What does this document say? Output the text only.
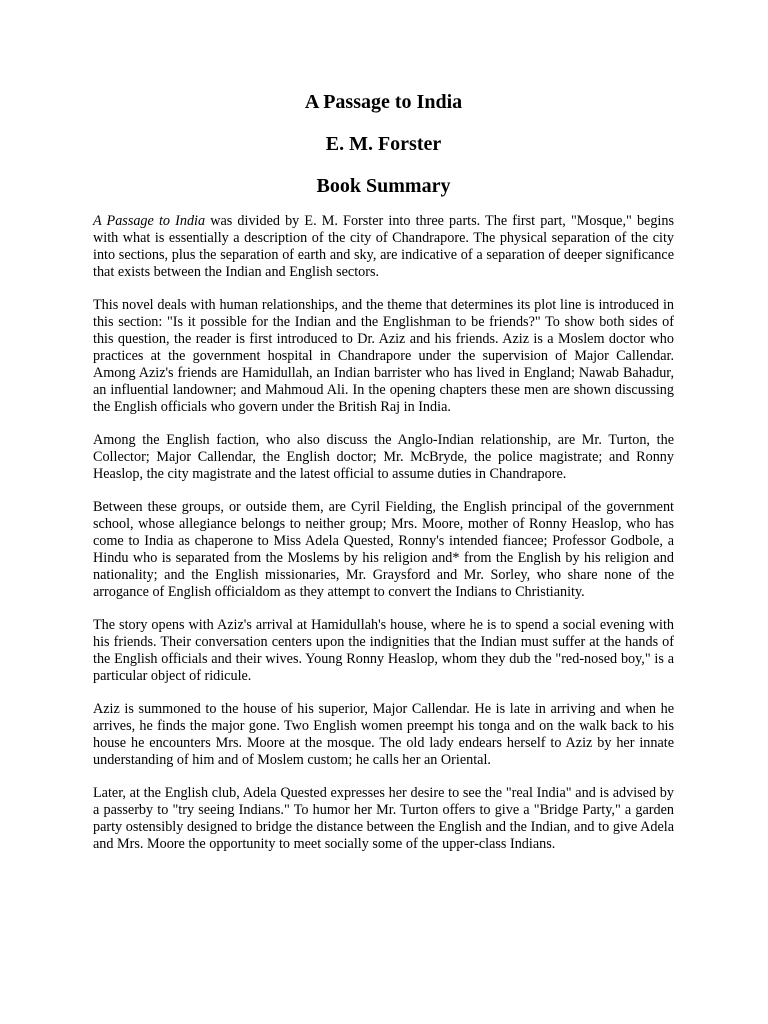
A Passage to India
E. M. Forster
Book Summary

A Passage to India was divided by E. M. Forster into three parts. The first part, "Mosque," begins with what is essentially a description of the city of Chandrapore. The physical separation of the city into sections, plus the separation of earth and sky, are indicative of a separation of deeper significance that exists between the Indian and English sectors.

This novel deals with human relationships, and the theme that determines its plot line is introduced in this section: "Is it possible for the Indian and the Englishman to be friends?" To show both sides of this question, the reader is first introduced to Dr. Aziz and his friends. Aziz is a Moslem doctor who practices at the government hospital in Chandrapore under the supervision of Major Callendar. Among Aziz's friends are Hamidullah, an Indian barrister who has lived in England; Nawab Bahadur, an influential landowner; and Mahmoud Ali. In the opening chapters these men are shown discussing the English officials who govern under the British Raj in India.

Among the English faction, who also discuss the Anglo-Indian relationship, are Mr. Turton, the Collector; Major Callendar, the English doctor; Mr. McBryde, the police magistrate; and Ronny Heaslop, the city magistrate and the latest official to assume duties in Chandrapore.

Between these groups, or outside them, are Cyril Fielding, the English principal of the government school, whose allegiance belongs to neither group; Mrs. Moore, mother of Ronny Heaslop, who has come to India as chaperone to Miss Adela Quested, Ronny's intended fiancee; Professor Godbole, a Hindu who is separated from the Moslems by his religion and* from the English by his religion and nationality; and the English missionaries, Mr. Graysford and Mr. Sorley, who share none of the arrogance of English officialdom as they attempt to convert the Indians to Christianity.

The story opens with Aziz's arrival at Hamidullah's house, where he is to spend a social evening with his friends. Their conversation centers upon the indignities that the Indian must suffer at the hands of the English officials and their wives. Young Ronny Heaslop, whom they dub the "red-nosed boy," is a particular object of ridicule.

Aziz is summoned to the house of his superior, Major Callendar. He is late in arriving and when he arrives, he finds the major gone. Two English women preempt his tonga and on the walk back to his house he encounters Mrs. Moore at the mosque. The old lady endears herself to Aziz by her innate understanding of him and of Moslem custom; he calls her an Oriental.

Later, at the English club, Adela Quested expresses her desire to see the "real India" and is advised by a passerby to "try seeing Indians." To humor her Mr. Turton offers to give a "Bridge Party," a garden party ostensibly designed to bridge the distance between the English and the Indian, and to give Adela and Mrs. Moore the opportunity to meet socially some of the upper-class Indians.
